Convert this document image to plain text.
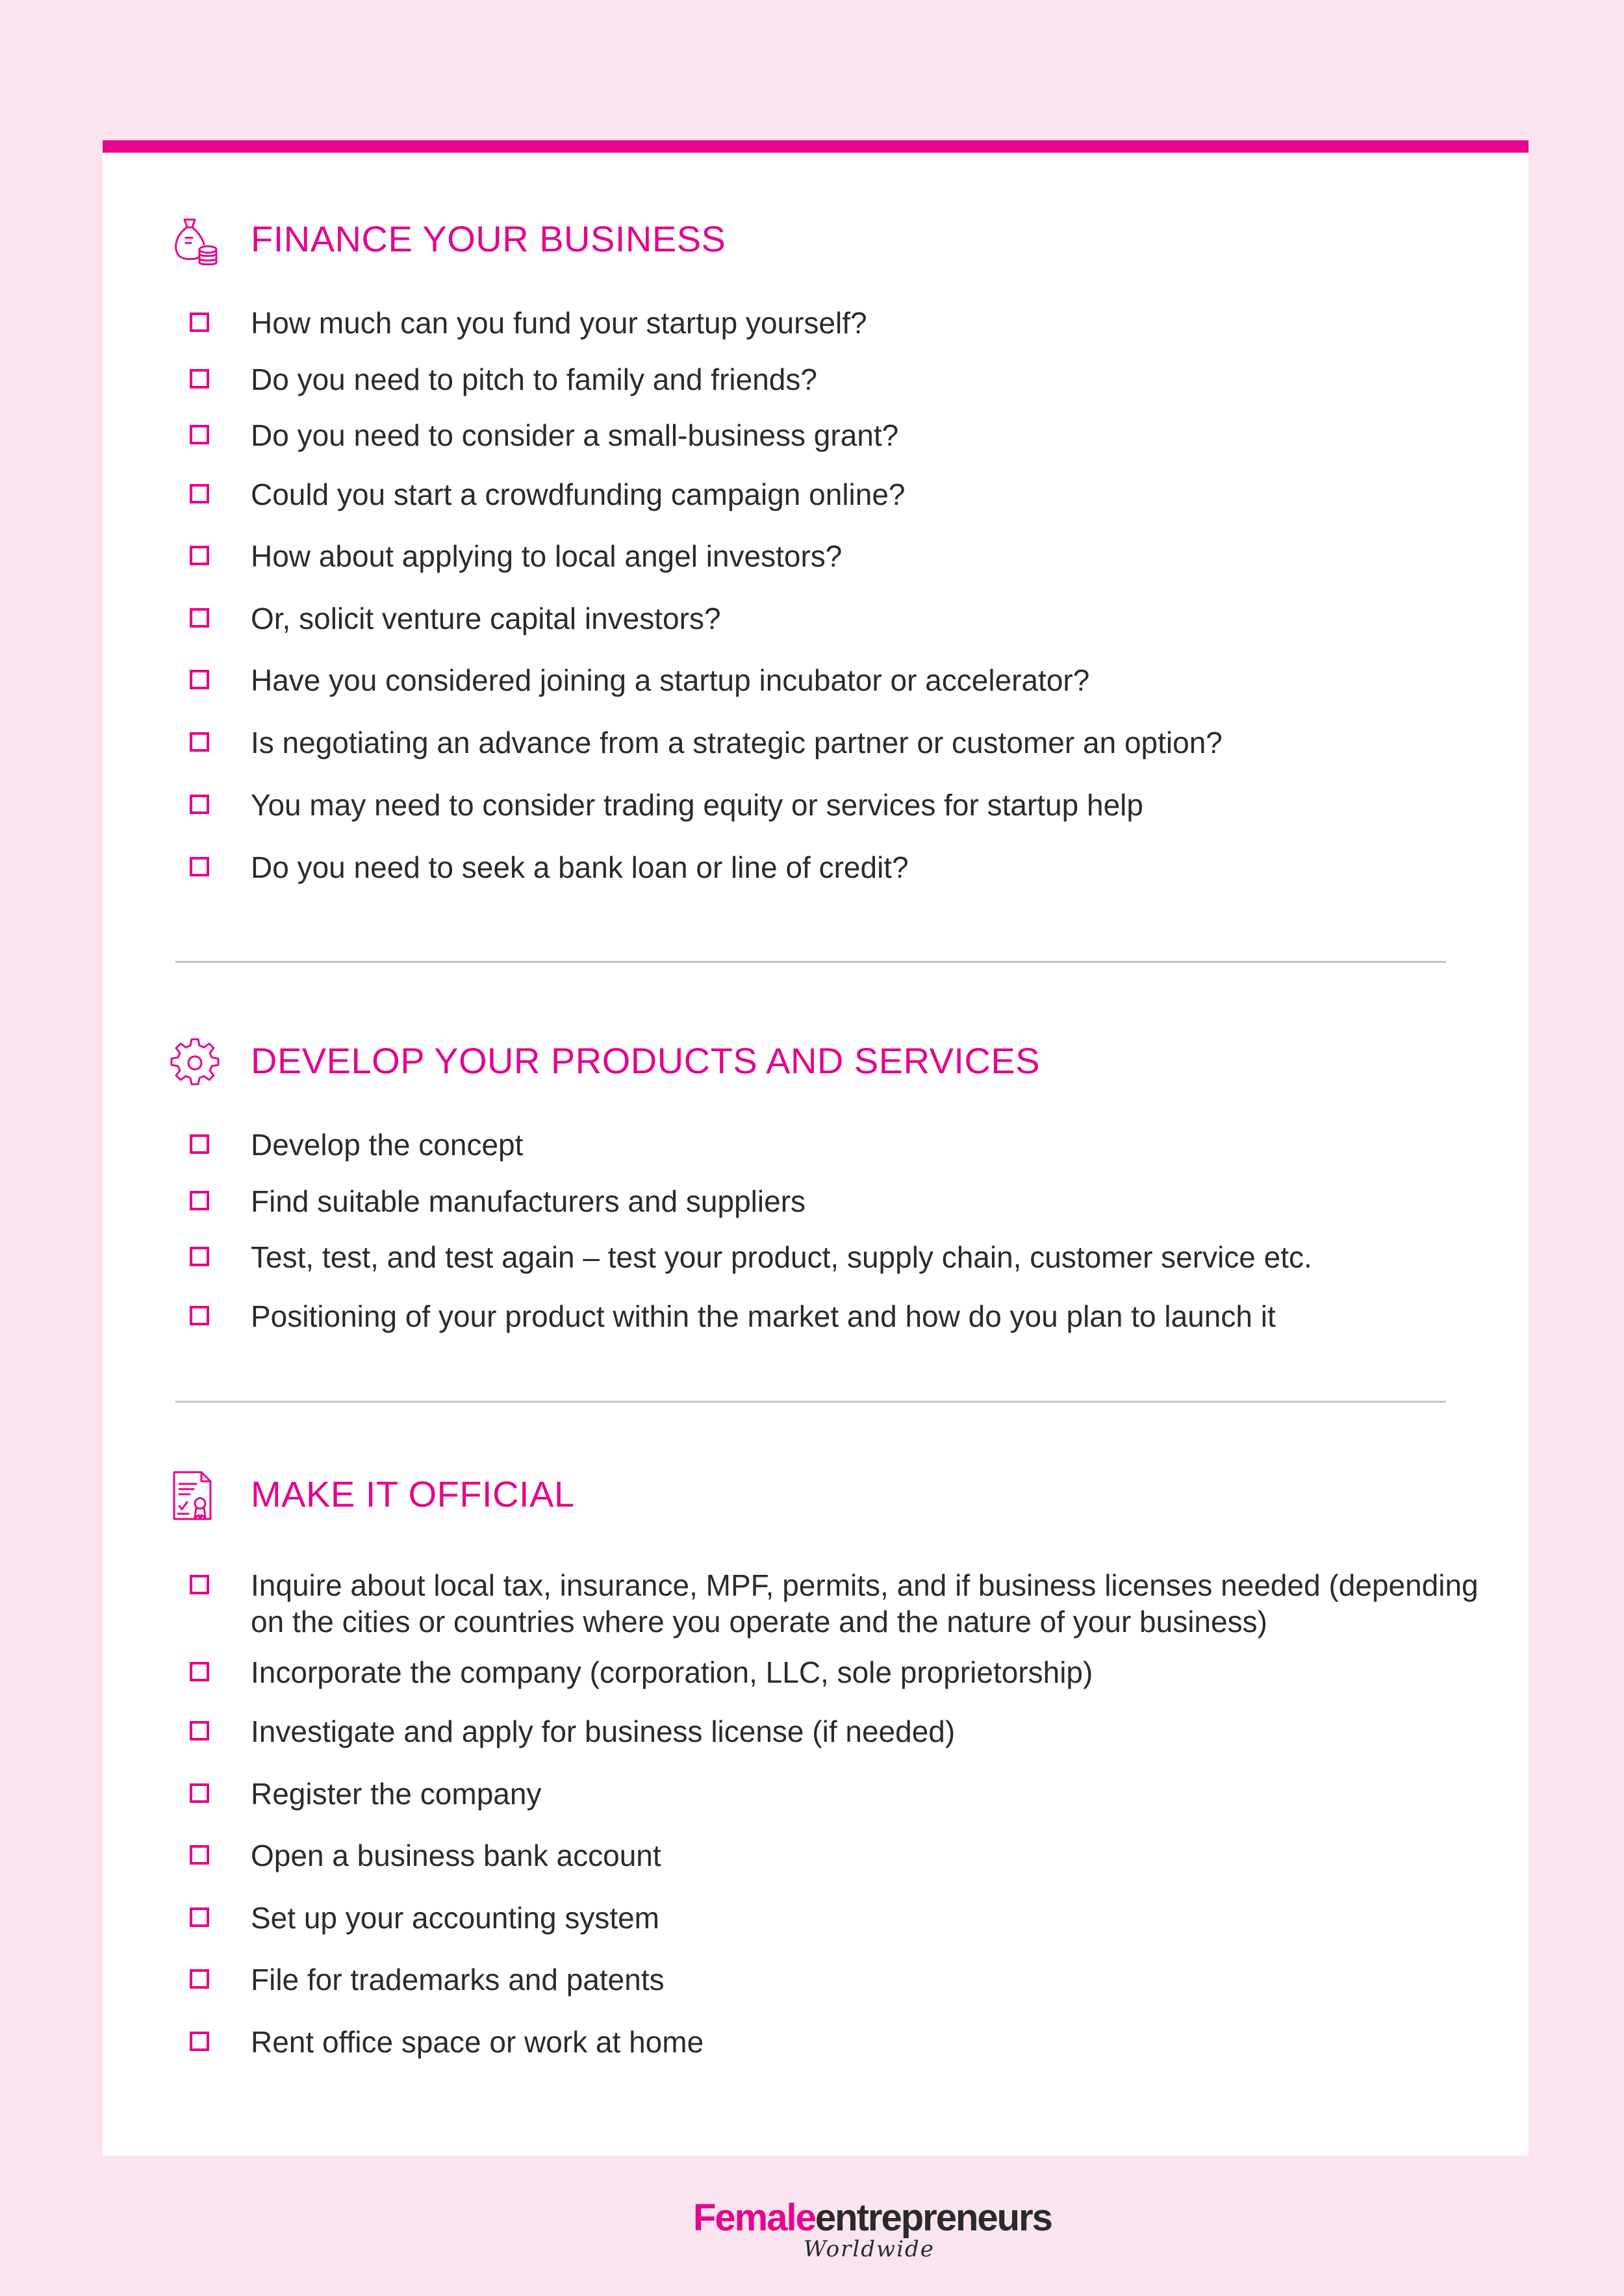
FINANCE YOUR BUSINESS
How much can you fund your startup yourself?
Do you need to pitch to family and friends?
Do you need to consider a small-business grant?
Could you start a crowdfunding campaign online?
How about applying to local angel investors?
Or, solicit venture capital investors?
Have you considered joining a startup incubator or accelerator?
Is negotiating an advance from a strategic partner or customer an option?
You may need to consider trading equity or services for startup help
Do you need to seek a bank loan or line of credit?
DEVELOP YOUR PRODUCTS AND SERVICES
Develop the concept
Find suitable manufacturers and suppliers
Test, test, and test again – test your product, supply chain, customer service etc.
Positioning of your product within the market and how do you plan to launch it
MAKE IT OFFICIAL
Inquire about local tax, insurance, MPF, permits, and if business licenses needed (depending on the cities or countries where you operate and the nature of your business)
Incorporate the company (corporation, LLC, sole proprietorship)
Investigate and apply for business license (if needed)
Register the company
Open a business bank account
Set up your accounting system
File for trademarks and patents
Rent office space or work at home
Femaleentrepreneurs
Worldwide
